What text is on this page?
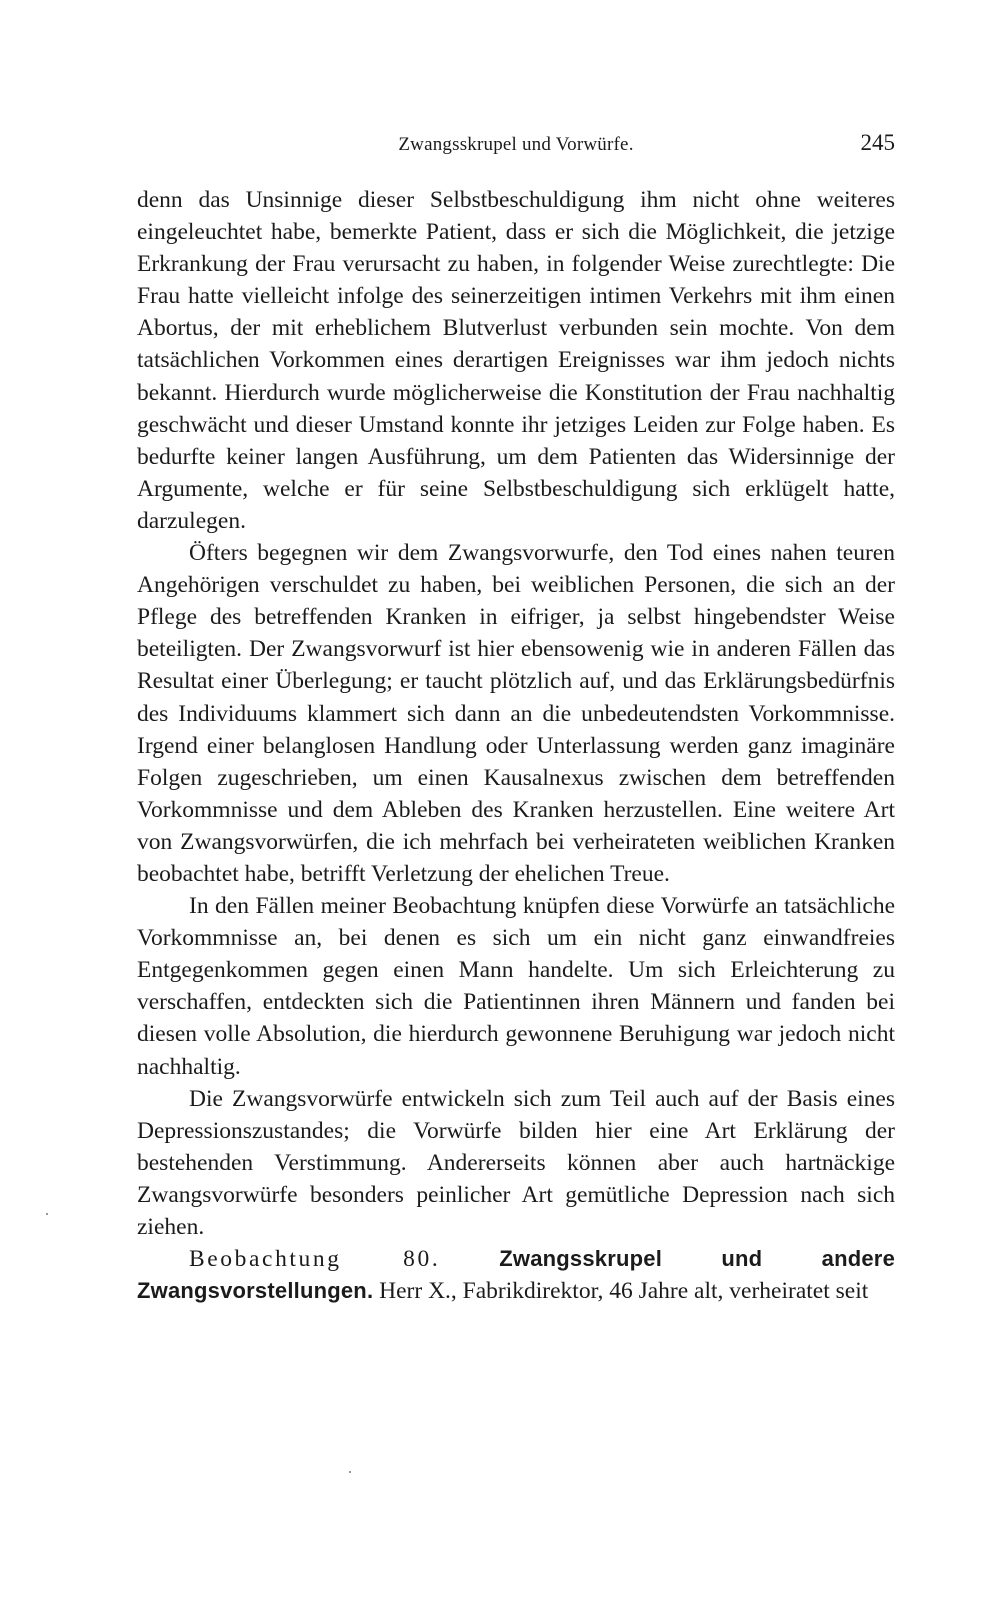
Zwangsskrupel und Vorwürfe.	245

denn das Unsinnige dieser Selbstbeschuldigung ihm nicht ohne weiteres eingeleuchtet habe, bemerkte Patient, dass er sich die Möglichkeit, die jetzige Erkrankung der Frau verursacht zu haben, in folgender Weise zurechtlegte: Die Frau hatte vielleicht infolge des seinerzeitigen intimen Verkehrs mit ihm einen Abortus, der mit erheblichem Blutverlust verbunden sein mochte. Von dem tatsächlichen Vorkommen eines derartigen Ereignisses war ihm jedoch nichts bekannt. Hierdurch wurde möglicherweise die Konstitution der Frau nachhaltig geschwächt und dieser Umstand konnte ihr jetziges Leiden zur Folge haben. Es bedurfte keiner langen Ausführung, um dem Patienten das Widersinnige der Argumente, welche er für seine Selbstbeschuldigung sich erklügelt hatte, darzulegen.

Öfters begegnen wir dem Zwangsvorwurfe, den Tod eines nahen teuren Angehörigen verschuldet zu haben, bei weiblichen Personen, die sich an der Pflege des betreffenden Kranken in eifriger, ja selbst hingebendster Weise beteiligten. Der Zwangsvorwurf ist hier ebensowenig wie in anderen Fällen das Resultat einer Überlegung; er taucht plötzlich auf, und das Erklärungsbedürfnis des Individuums klammert sich dann an die unbedeutendsten Vorkommnisse. Irgend einer belanglosen Handlung oder Unterlassung werden ganz imaginäre Folgen zugeschrieben, um einen Kausalnexus zwischen dem betreffenden Vorkommnisse und dem Ableben des Kranken herzustellen. Eine weitere Art von Zwangsvorwürfen, die ich mehrfach bei verheirateten weiblichen Kranken beobachtet habe, betrifft Verletzung der ehelichen Treue.

In den Fällen meiner Beobachtung knüpfen diese Vorwürfe an tatsächliche Vorkommnisse an, bei denen es sich um ein nicht ganz einwandfreies Entgegenkommen gegen einen Mann handelte. Um sich Erleichterung zu verschaffen, entdeckten sich die Patientinnen ihren Männern und fanden bei diesen volle Absolution, die hierdurch gewonnene Beruhigung war jedoch nicht nachhaltig.

Die Zwangsvorwürfe entwickeln sich zum Teil auch auf der Basis eines Depressionszustandes; die Vorwürfe bilden hier eine Art Erklärung der bestehenden Verstimmung. Andererseits können aber auch hartnäckige Zwangsvorwürfe besonders peinlicher Art gemütliche Depression nach sich ziehen.

Beobachtung 80.	Zwangsskrupel und andere Zwangsvorstellungen. Herr X., Fabrikdirektor, 46 Jahre alt, verheiratet seit
